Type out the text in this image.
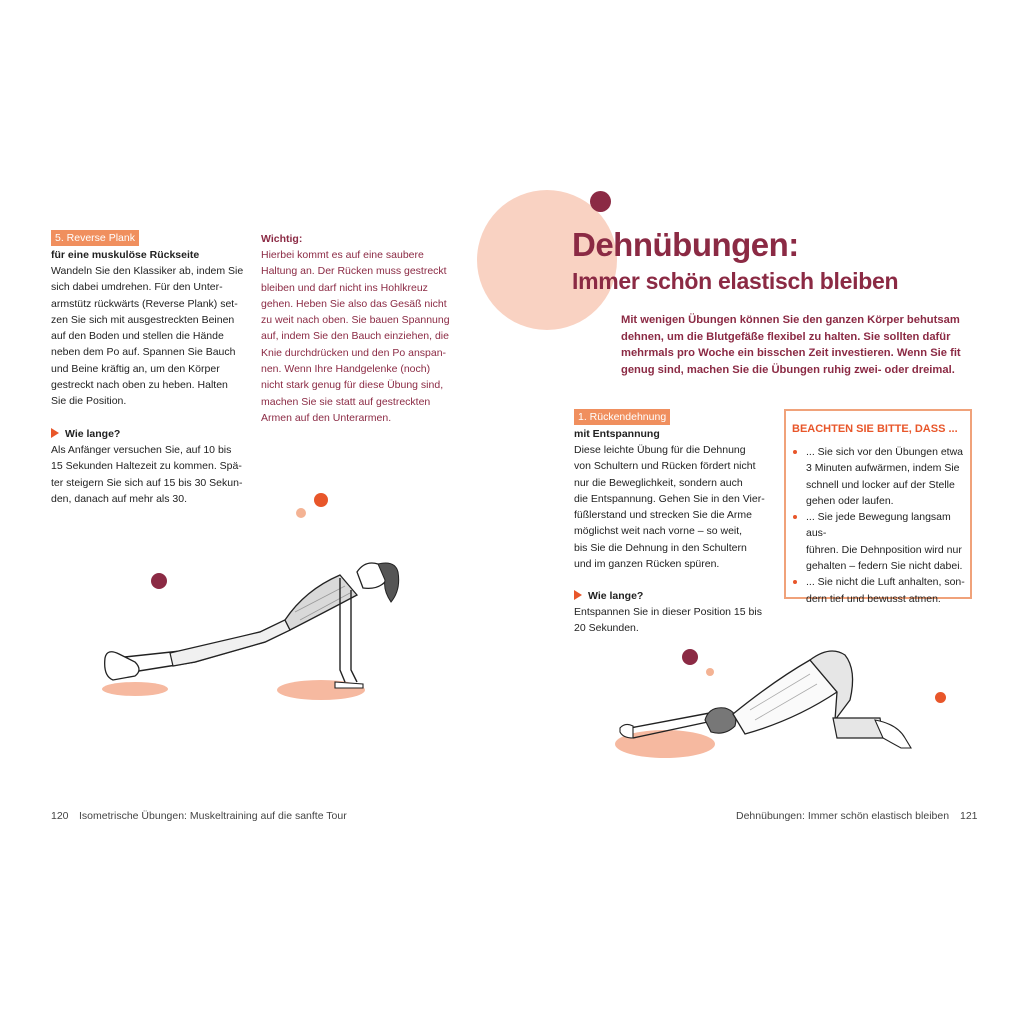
5. Reverse Plank
für eine muskulöse Rückseite
Wandeln Sie den Klassiker ab, indem Sie
sich dabei umdrehen. Für den Unter-
armstütz rückwärts (Reverse Plank) set-
zen Sie sich mit ausgestreckten Beinen
auf den Boden und stellen die Hände
neben dem Po auf. Spannen Sie Bauch
und Beine kräftig an, um den Körper
gestreckt nach oben zu heben. Halten
Sie die Position.
Wie lange?
Als Anfänger versuchen Sie, auf 10 bis
15 Sekunden Haltezeit zu kommen. Spä-
ter steigern Sie sich auf 15 bis 30 Sekun-
den, danach auf mehr als 30.
Wichtig:
Hierbei kommt es auf eine saubere
Haltung an. Der Rücken muss gestreckt
bleiben und darf nicht ins Hohlkreuz
gehen. Heben Sie also das Gesäß nicht
zu weit nach oben. Sie bauen Spannung
auf, indem Sie den Bauch einziehen, die
Knie durchdrücken und den Po anspan-
nen. Wenn Ihre Handgelenke (noch)
nicht stark genug für diese Übung sind,
machen Sie sie statt auf gestreckten
Armen auf den Unterarmen.
120 Isometrische Übungen: Muskeltraining auf die sanfte Tour
Dehnübungen:
Immer schön elastisch bleiben
Mit wenigen Übungen können Sie den ganzen Körper behutsam
dehnen, um die Blutgefäße flexibel zu halten. Sie sollten dafür
mehrmals pro Woche ein bisschen Zeit investieren. Wenn Sie fit
genug sind, machen Sie die Übungen ruhig zwei- oder dreimal.
1. Rückendehnung
mit Entspannung
Diese leichte Übung für die Dehnung
von Schultern und Rücken fördert nicht
nur die Beweglichkeit, sondern auch
die Entspannung. Gehen Sie in den Vier-
füßlerstand und strecken Sie die Arme
möglichst weit nach vorne – so weit,
bis Sie die Dehnung in den Schultern
und im ganzen Rücken spüren.
Wie lange?
Entspannen Sie in dieser Position 15 bis
20 Sekunden.
BEACHTEN SIE BITTE, DASS ...
... Sie sich vor den Übungen etwa
3 Minuten aufwärmen, indem Sie
schnell und locker auf der Stelle
gehen oder laufen.
... Sie jede Bewegung langsam aus-
führen. Die Dehnposition wird nur
gehalten – federn Sie nicht dabei.
... Sie nicht die Luft anhalten, son-
dern tief und bewusst atmen.
Dehnübungen: Immer schön elastisch bleiben 121
